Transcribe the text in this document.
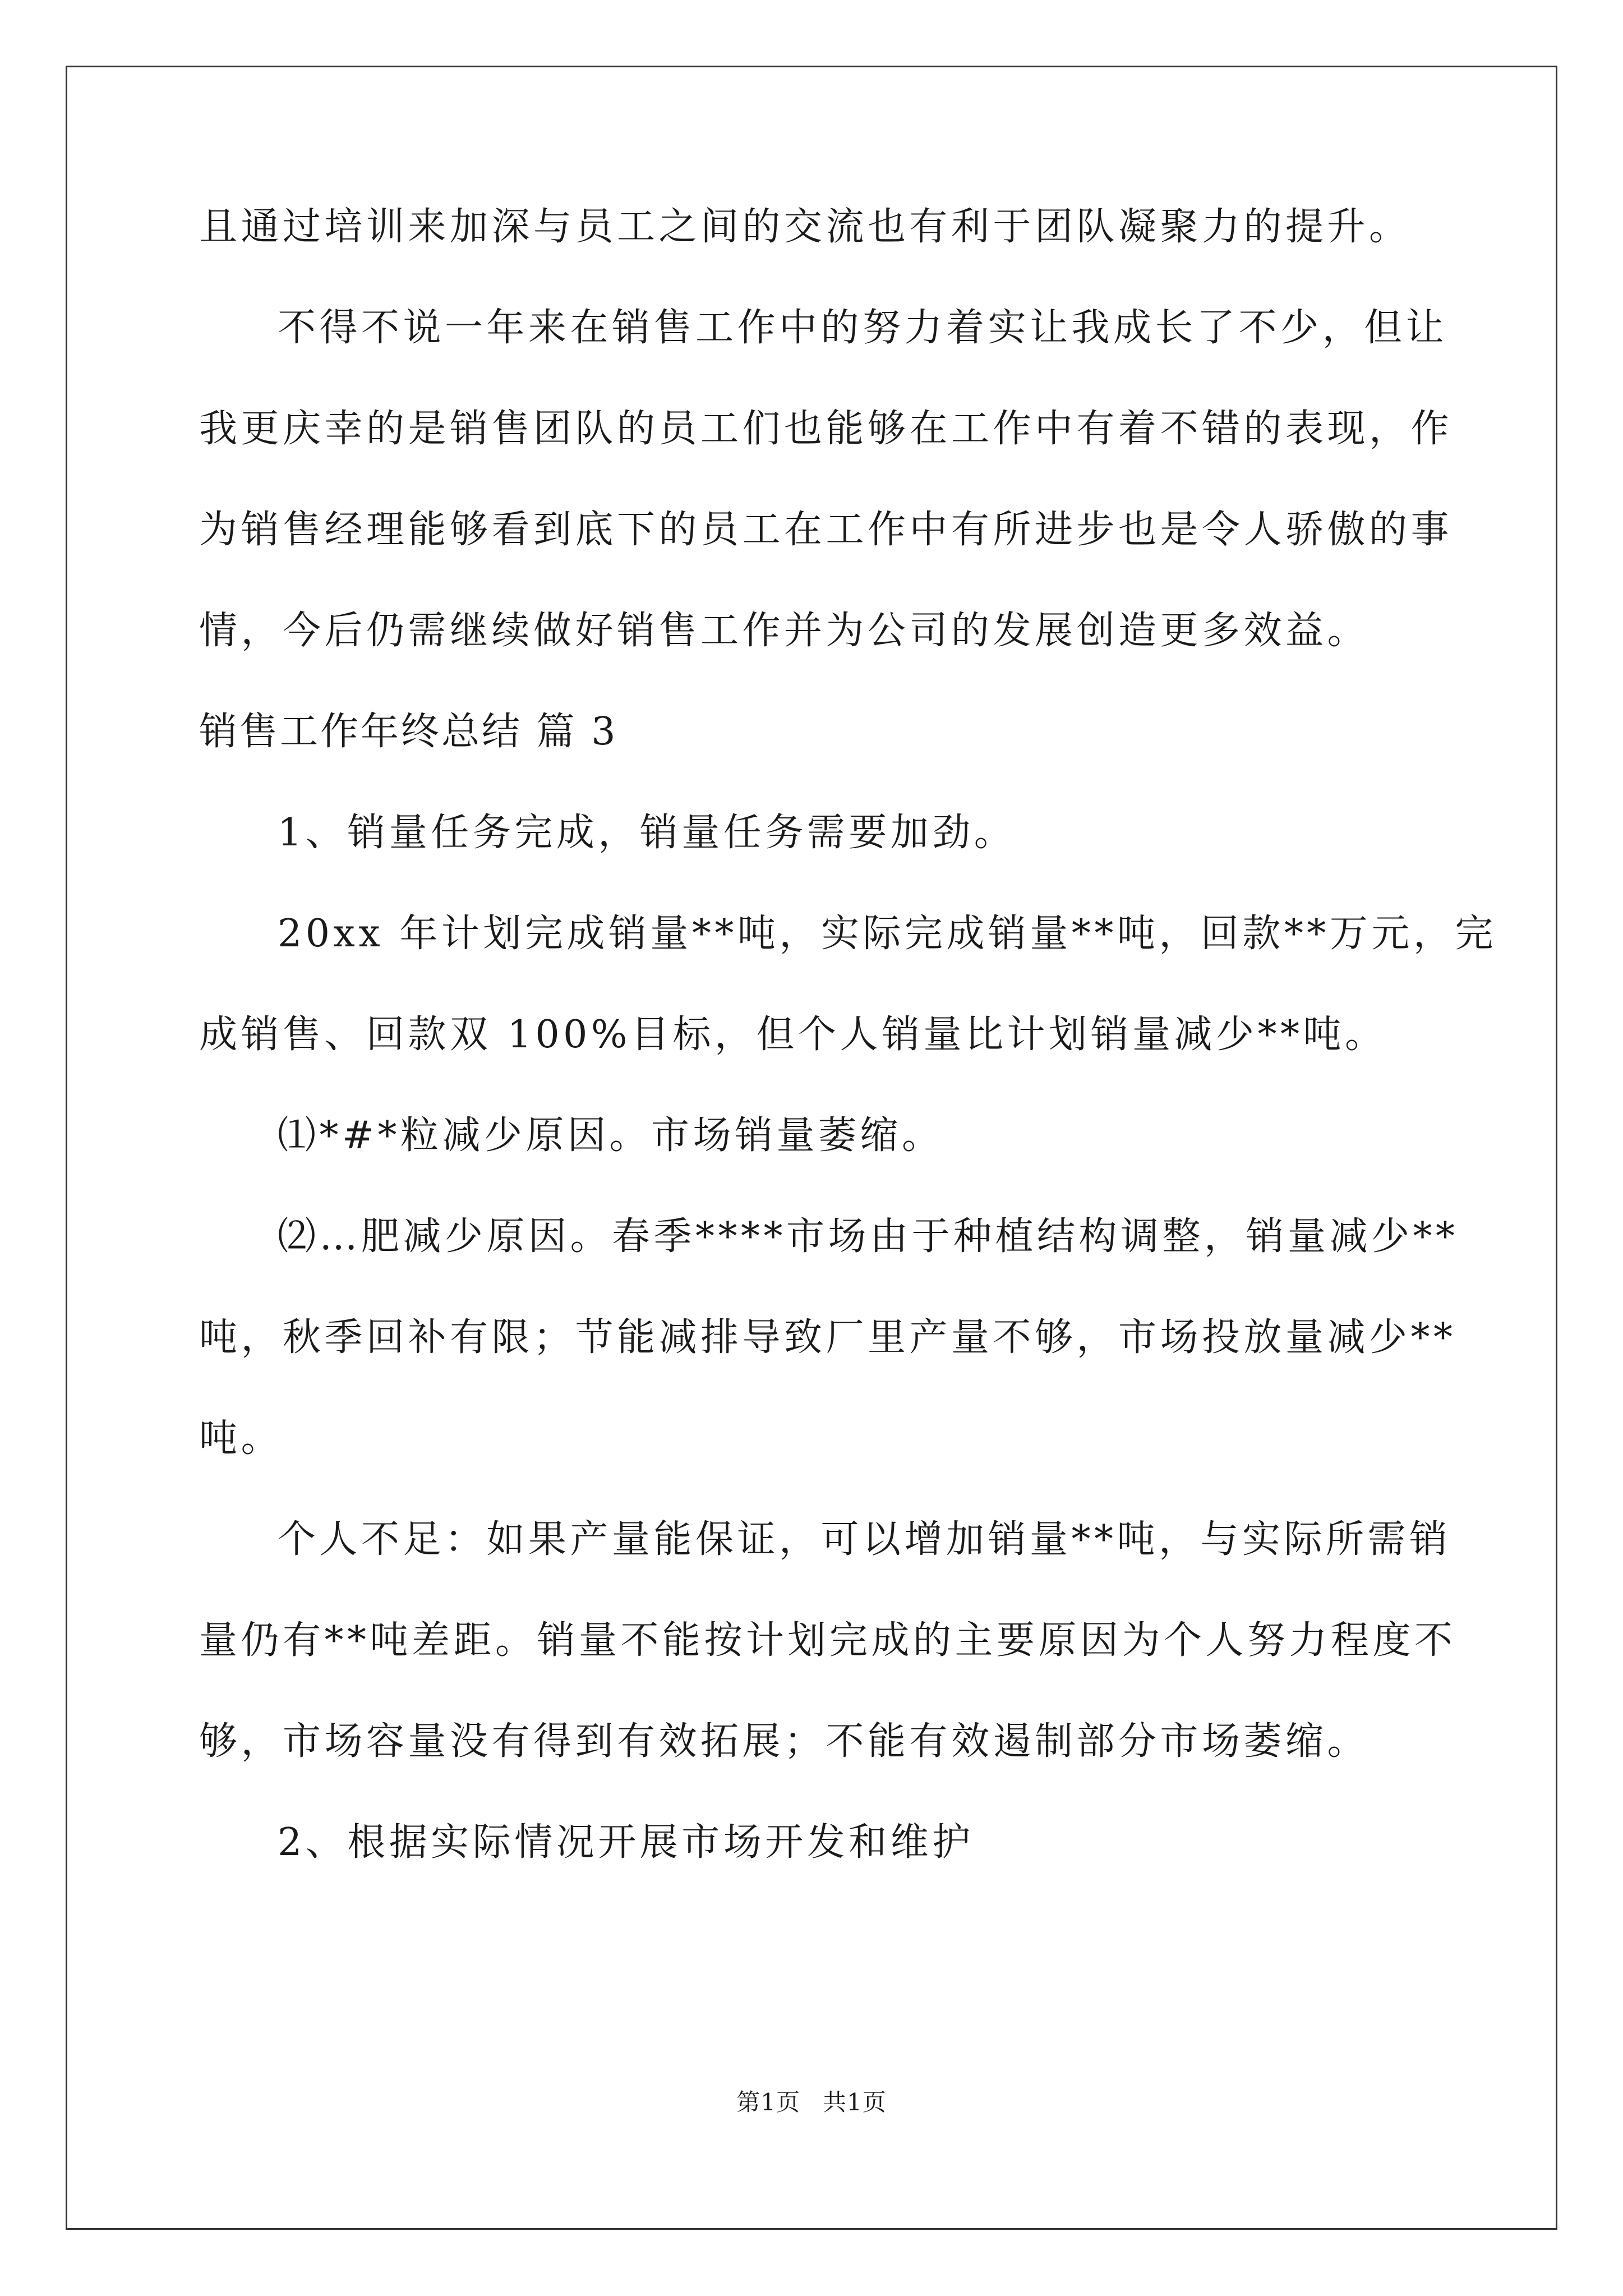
且通过培训来加深与员工之间的交流也有利于团队凝聚力的提升。
不得不说一年来在销售工作中的努力着实让我成长了不少，但让
我更庆幸的是销售团队的员工们也能够在工作中有着不错的表现，作
为销售经理能够看到底下的员工在工作中有所进步也是令人骄傲的事
情，今后仍需继续做好销售工作并为公司的发展创造更多效益。
销售工作年终总结 篇 3
1、销量任务完成，销量任务需要加劲。
20xx 年计划完成销量**吨，实际完成销量**吨，回款**万元，完
成销售、回款双 100%目标，但个人销量比计划销量减少**吨。
⑴*#*粒减少原因。市场销量萎缩。
⑵…肥减少原因。春季****市场由于种植结构调整，销量减少**
吨，秋季回补有限；节能减排导致厂里产量不够，市场投放量减少**
吨。
个人不足：如果产量能保证，可以增加销量**吨，与实际所需销
量仍有**吨差距。销量不能按计划完成的主要原因为个人努力程度不
够，市场容量没有得到有效拓展；不能有效遏制部分市场萎缩。
2、根据实际情况开展市场开发和维护
第1页 共1页
